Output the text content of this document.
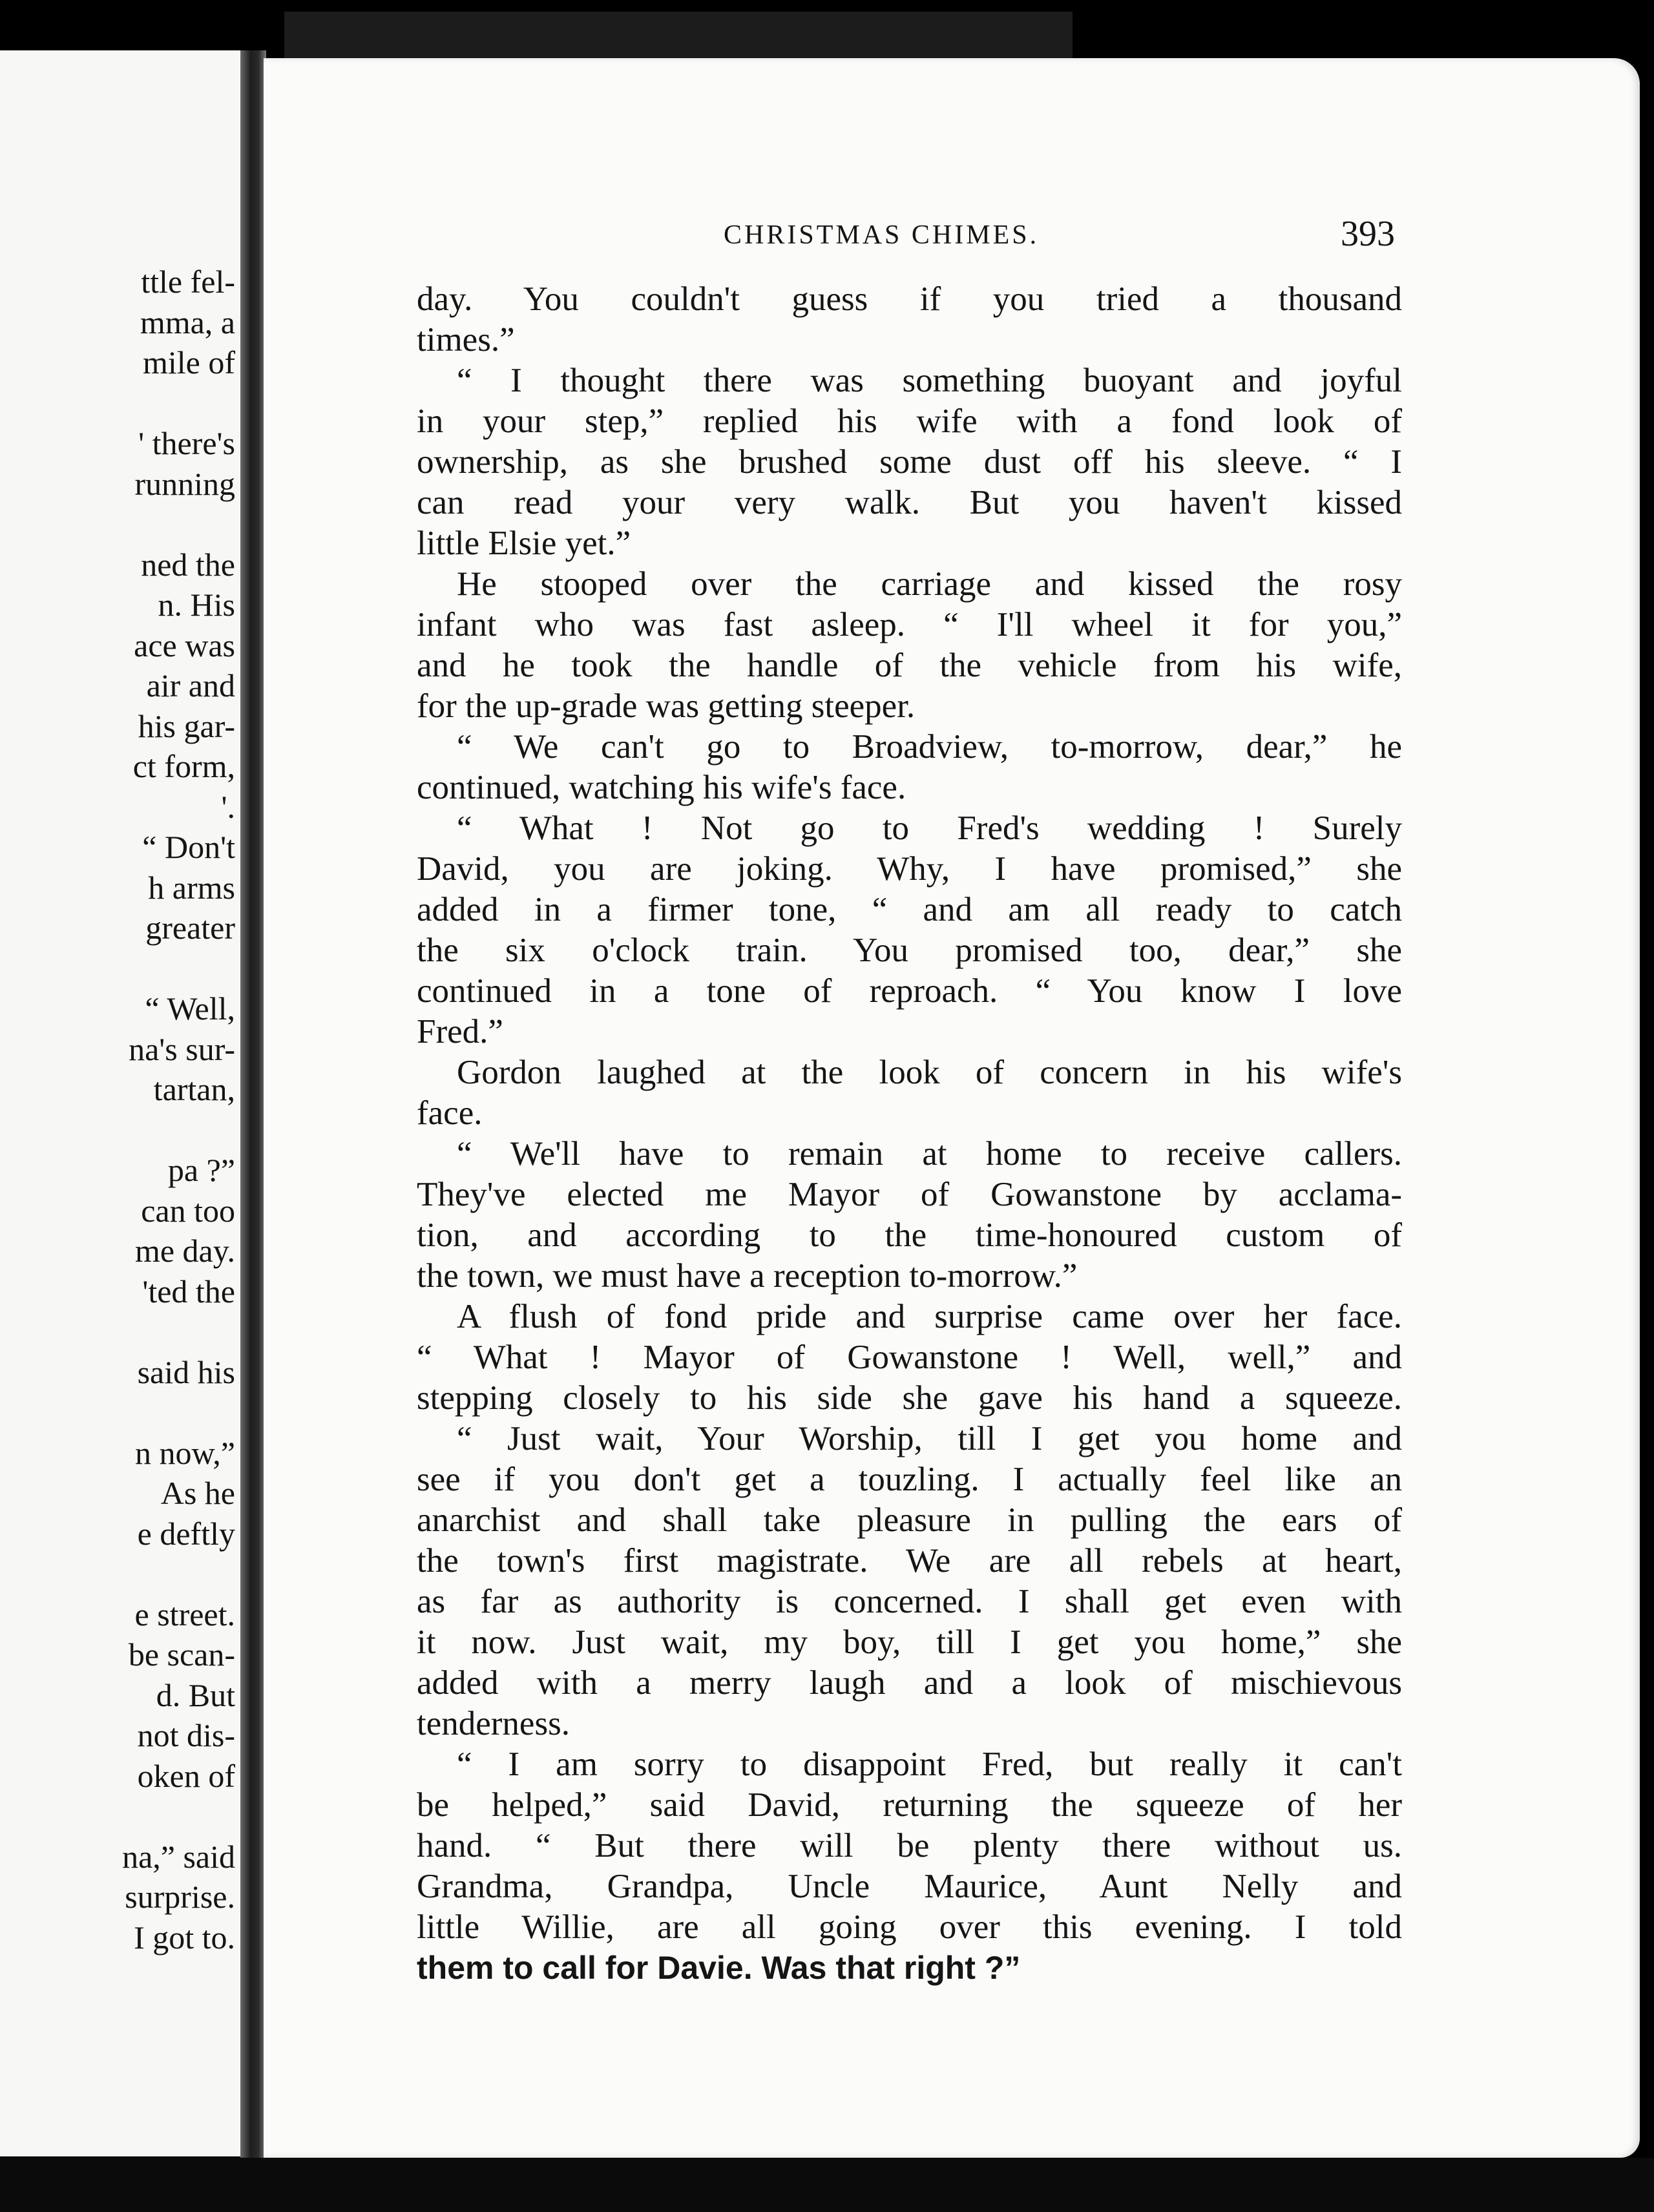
ttle fel-
mma, a
mile of
' there's
running
ned the
n. His
ace was
air and
his gar-
ct form,
'.
“ Don't
h arms
greater
“ Well,
na's sur-
tartan,
pa ?”
can too
me day.
'ted the
said his
n now,”
As he
e deftly
e street.
be scan-
d. But
not dis-
oken of
na,” said
surprise.
I got to.
CHRISTMAS CHIMES.	393
day. You couldn't guess if you tried a thousand
times.”
“ I thought there was something buoyant and joyful
in your step,” replied his wife with a fond look of
ownership, as she brushed some dust off his sleeve. “ I
can read your very walk. But you haven't kissed
little Elsie yet.”
He stooped over the carriage and kissed the rosy
infant who was fast asleep. “ I'll wheel it for you,”
and he took the handle of the vehicle from his wife,
for the up-grade was getting steeper.
“ We can't go to Broadview, to-morrow, dear,” he
continued, watching his wife's face.
“ What ! Not go to Fred's wedding ! Surely
David, you are joking. Why, I have promised,” she
added in a firmer tone, “ and am all ready to catch
the six o'clock train. You promised too, dear,” she
continued in a tone of reproach. “ You know I love
Fred.”
Gordon laughed at the look of concern in his wife's
face.
“ We'll have to remain at home to receive callers.
They've elected me Mayor of Gowanstone by acclama-
tion, and according to the time-honoured custom of
the town, we must have a reception to-morrow.”
A flush of fond pride and surprise came over her face.
“ What ! Mayor of Gowanstone ! Well, well,” and
stepping closely to his side she gave his hand a squeeze.
“ Just wait, Your Worship, till I get you home and
see if you don't get a touzling. I actually feel like an
anarchist and shall take pleasure in pulling the ears of
the town's first magistrate. We are all rebels at heart,
as far as authority is concerned. I shall get even with
it now. Just wait, my boy, till I get you home,” she
added with a merry laugh and a look of mischievous
tenderness.
“ I am sorry to disappoint Fred, but really it can't
be helped,” said David, returning the squeeze of her
hand. “ But there will be plenty there without us.
Grandma, Grandpa, Uncle Maurice, Aunt Nelly and
little Willie, are all going over this evening. I told
them to call for Davie. Was that right ?”
